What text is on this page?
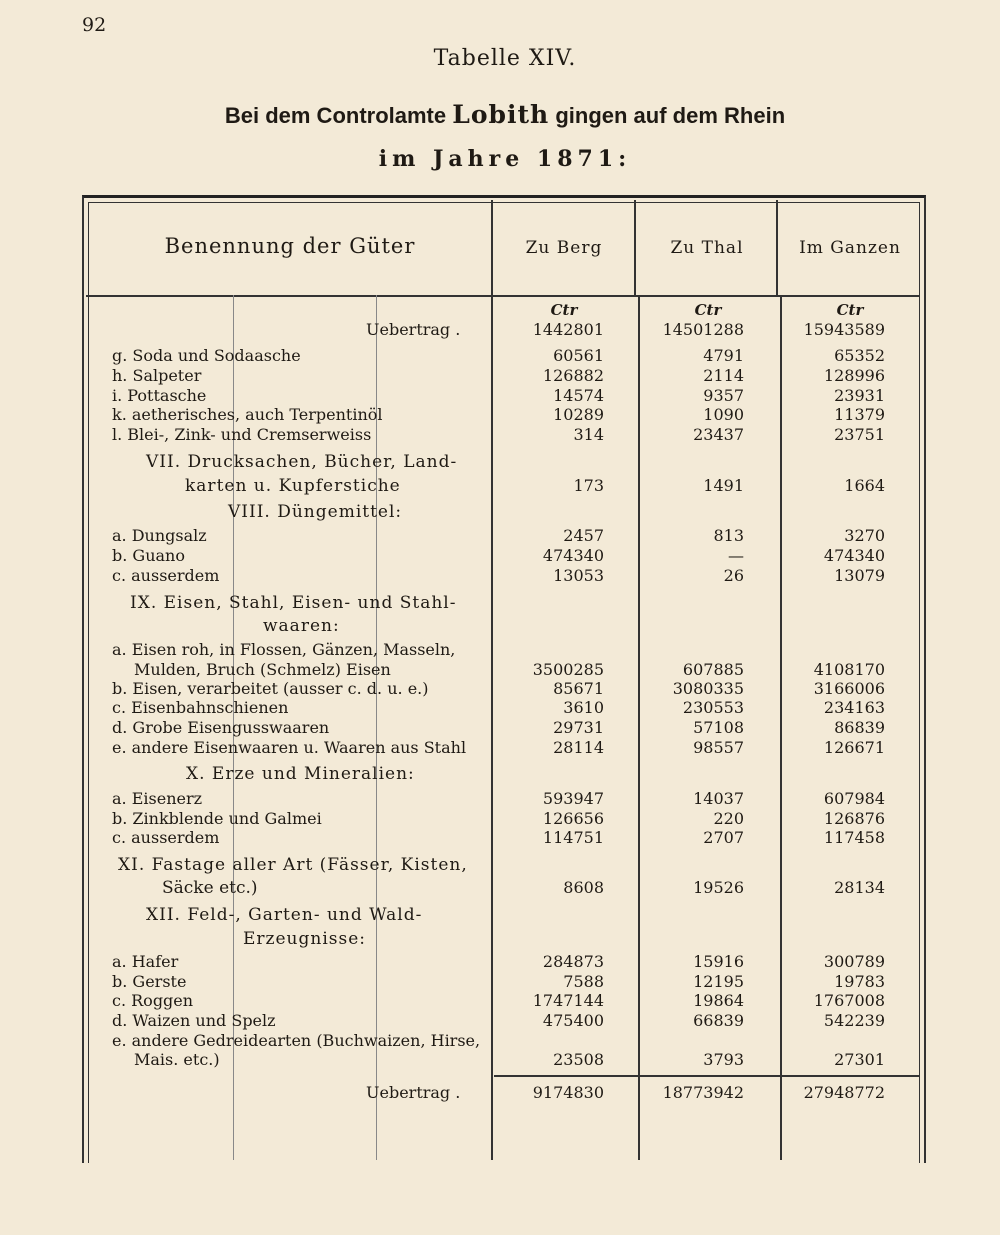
92
Tabelle XIV.
Bei dem Controlamte Lobith gingen auf dem Rhein
im Jahre 1871:
Benennung der Güter	Zu Berg	Zu Thal	Im Ganzen
Ctr	Ctr	Ctr
Uebertrag .	1442801	14501288	15943589
g. Soda und Sodaasche	60561	4791	65352
h. Salpeter	126882	2114	128996
i. Pottasche	14574	9357	23931
k. aetherisches, auch Terpentinöl	10289	1090	11379
l. Blei-, Zink- und Cremserweiss	314	23437	23751
VII. Drucksachen, Bücher, Land-
karten u. Kupferstiche	173	1491	1664
VIII. Düngemittel:
a. Dungsalz	2457	813	3270
b. Guano	474340	—	474340
c. ausserdem	13053	26	13079
IX. Eisen, Stahl, Eisen- und Stahl-
waaren:
a. Eisen roh, in Flossen, Gänzen, Masseln,
Mulden, Bruch (Schmelz) Eisen	3500285	607885	4108170
b. Eisen, verarbeitet (ausser c. d. u. e.)	85671	3080335	3166006
c. Eisenbahnschienen	3610	230553	234163
d. Grobe Eisengusswaaren	29731	57108	86839
e. andere Eisenwaaren u. Waaren aus Stahl	28114	98557	126671
X. Erze und Mineralien:
a. Eisenerz	593947	14037	607984
b. Zinkblende und Galmei	126656	220	126876
c. ausserdem	114751	2707	117458
XI. Fastage aller Art (Fässer, Kisten,
Säcke etc.)	8608	19526	28134
XII. Feld-, Garten- und Wald-
Erzeugnisse:
a. Hafer	284873	15916	300789
b. Gerste	7588	12195	19783
c. Roggen	1747144	19864	1767008
d. Waizen und Spelz	475400	66839	542239
e. andere Gedreidearten (Buchwaizen, Hirse,
Mais. etc.)	23508	3793	27301
Uebertrag .	9174830	18773942	27948772
